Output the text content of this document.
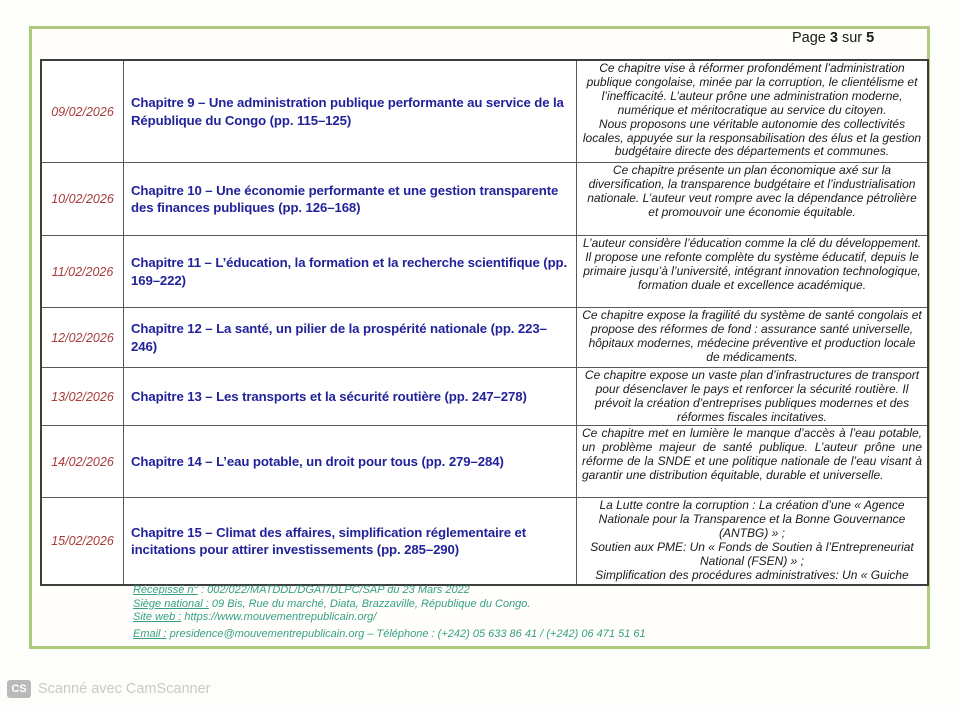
Page 3 sur 5
09/02/2026
Chapitre 9 – Une administration publique performante au service de la République du Congo (pp. 115–125)

Ce chapitre vise à réformer profondément l’administration publique congolaise, minée par la corruption, le clientélisme et l’inefficacité. L’auteur prône une administration moderne, numérique et méritocratique au service du citoyen.

Nous proposons une véritable autonomie des collectivités locales, appuyée sur la responsabilisation des élus et la gestion budgétaire directe des départements et communes.

10/02/2026
Chapitre 10 – Une économie performante et une gestion transparente des finances publiques (pp. 126–168)

Ce chapitre présente un plan économique axé sur la diversification, la transparence budgétaire et l’industrialisation nationale. L’auteur veut rompre avec la dépendance pétrolière et promouvoir une économie équitable.

11/02/2026
Chapitre 11 – L’éducation, la formation et la recherche scientifique (pp. 169–222)

L’auteur considère l’éducation comme la clé du développement. Il propose une refonte complète du système éducatif, depuis le primaire jusqu’à l’université, intégrant innovation technologique, formation duale et excellence académique.

12/02/2026
Chapitre 12 – La santé, un pilier de la prospérité nationale (pp. 223–246)

Ce chapitre expose la fragilité du système de santé congolais et propose des réformes de fond : assurance santé universelle, hôpitaux modernes, médecine préventive et production locale de médicaments.

13/02/2026	Chapitre 13 – Les transports et la sécurité routière (pp. 247–278)

Ce chapitre expose un vaste plan d’infrastructures de transport pour désenclaver le pays et renforcer la sécurité routière. Il prévoit la création d’entreprises publiques modernes et des réformes fiscales incitatives.

14/02/2026	Chapitre 14 – L’eau potable, un droit pour tous (pp. 279–284)

Ce chapitre met en lumière le manque d’accès à l’eau potable, un problème majeur de santé publique. L’auteur prône une réforme de la SNDE et une politique nationale de l’eau visant à garantir une distribution équitable, durable et universelle.

15/02/2026
Chapitre 15 – Climat des affaires, simplification réglementaire et incitations pour attirer investissements (pp. 285–290)

La Lutte contre la corruption : La création d’une « Agence Nationale pour la Transparence et la Bonne Gouvernance (ANTBG) » ;

Soutien aux PME: Un « Fonds de Soutien à l’Entrepreneuriat National (FSEN) » ;

Simplification des procédures administratives: Un « Guiche

Récépissé n° : 002/022/MATDDL/DGAT/DLPC/SAP du 23 Mars 2022
Siège national : 09 Bis, Rue du marché, Diata, Brazzaville, République du Congo.
Site web : https://www.mouvementrepublicain.org/
Email : presidence@mouvementrepublicain.org – Téléphone : (+242) 05 633 86 41 / (+242) 06 471 51 61
CS Scanné avec CamScanner
